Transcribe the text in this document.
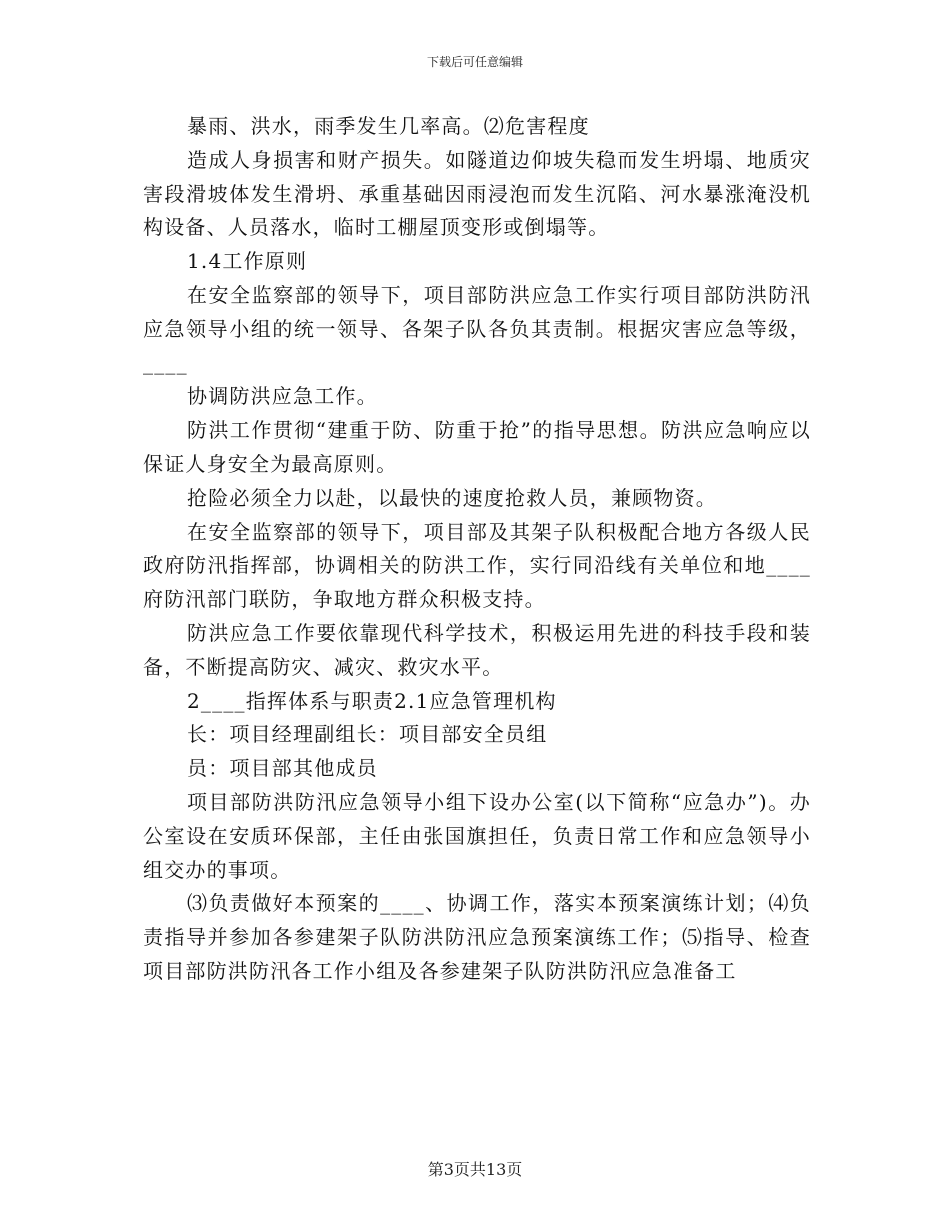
下载后可任意编辑

暴雨、洪水，雨季发生几率高。⑵危害程度

造成人身损害和财产损失。如隧道边仰坡失稳而发生坍塌、地质灾害段滑坡体发生滑坍、承重基础因雨浸泡而发生沉陷、河水暴涨淹没机构设备、人员落水，临时工棚屋顶变形或倒塌等。

1.4工作原则

在安全监察部的领导下，项目部防洪应急工作实行项目部防洪防汛应急领导小组的统一领导、各架子队各负其责制。根据灾害应急等级，____

协调防洪应急工作。

防洪工作贯彻“建重于防、防重于抢”的指导思想。防洪应急响应以保证人身安全为最高原则。

抢险必须全力以赴，以最快的速度抢救人员，兼顾物资。

在安全监察部的领导下，项目部及其架子队积极配合地方各级人民政府防汛指挥部，协调相关的防洪工作，实行同沿线有关单位和地____府防汛部门联防，争取地方群众积极支持。

防洪应急工作要依靠现代科学技术，积极运用先进的科技手段和装备，不断提高防灾、减灾、救灾水平。

2____指挥体系与职责2.1应急管理机构

长：项目经理副组长：项目部安全员组

员：项目部其他成员

项目部防洪防汛应急领导小组下设办公室(以下简称“应急办”)。办公室设在安质环保部，主任由张国旗担任，负责日常工作和应急领导小组交办的事项。

⑶负责做好本预案的____、协调工作，落实本预案演练计划；⑷负责指导并参加各参建架子队防洪防汛应急预案演练工作；⑸指导、检查项目部防洪防汛各工作小组及各参建架子队防洪防汛应急准备工

第3页共13页
